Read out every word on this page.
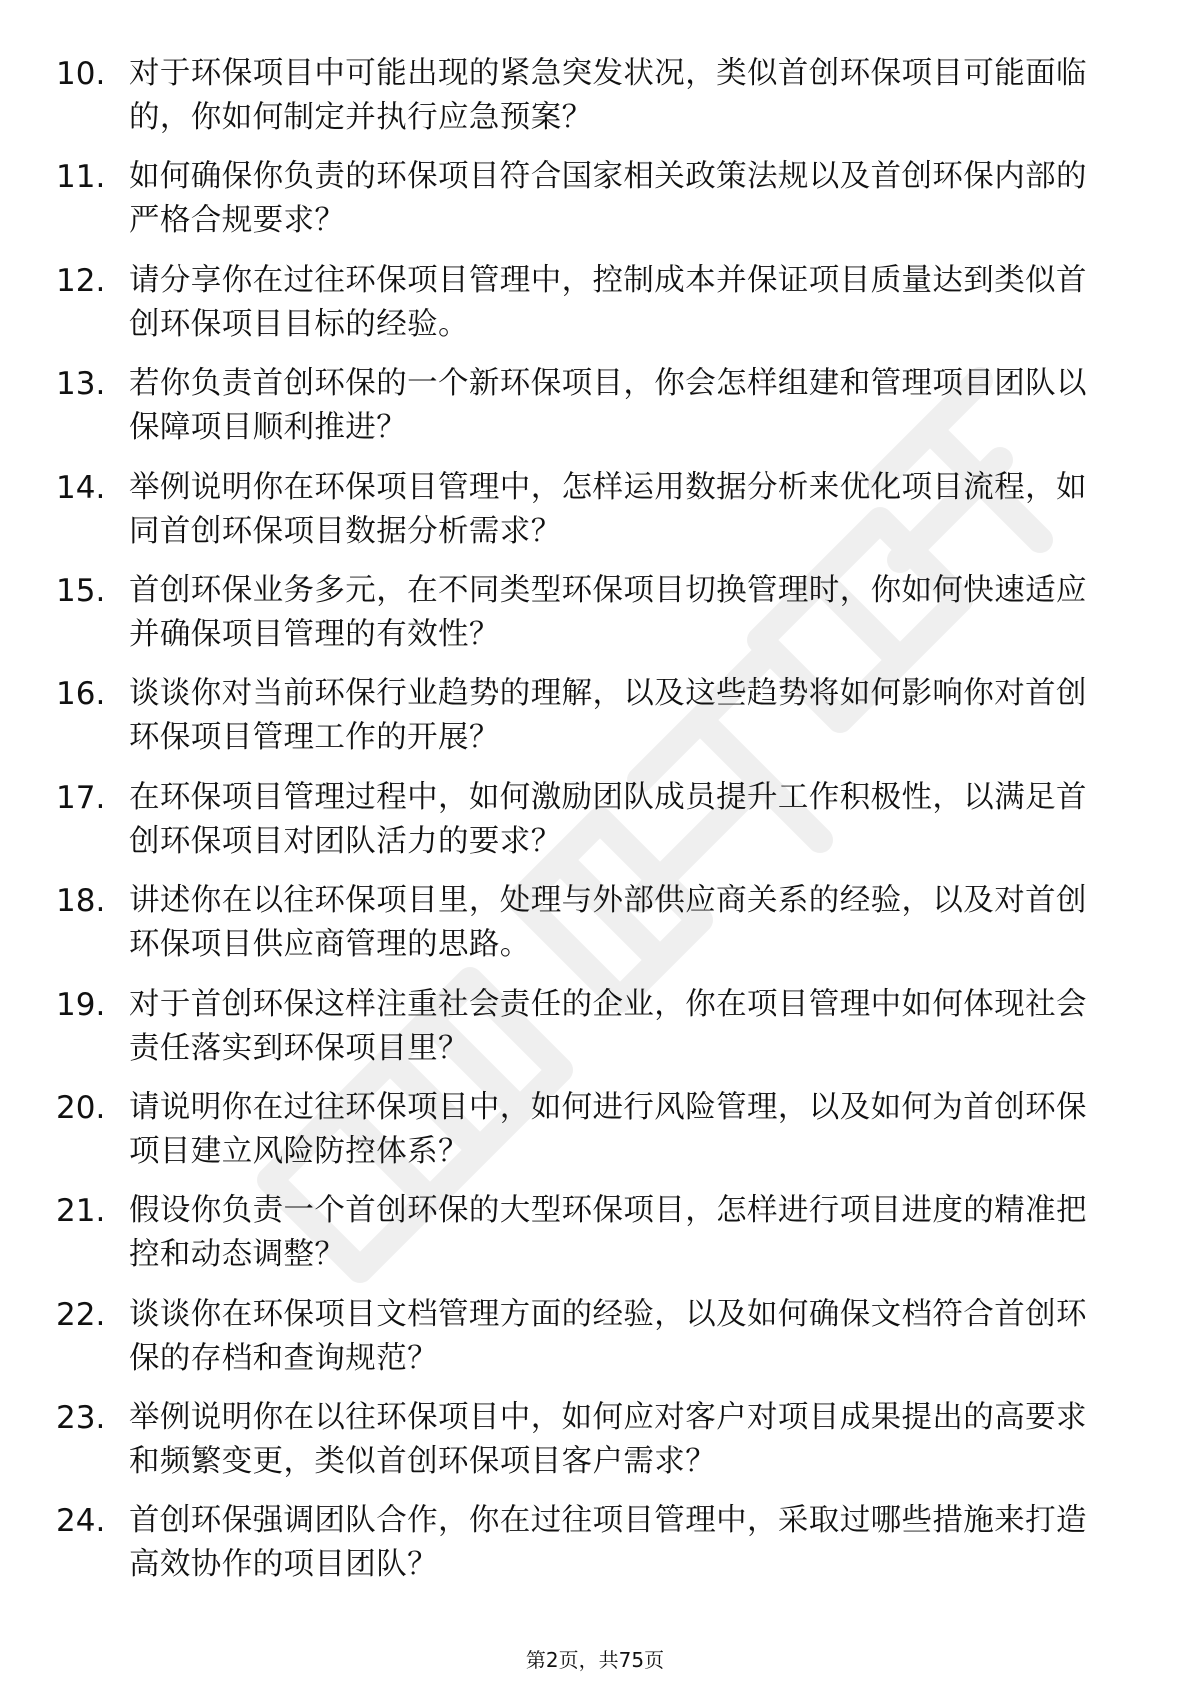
10. 对于环保项目中可能出现的紧急突发状况，类似首创环保项目可能面临的，你如何制定并执行应急预案？
11. 如何确保你负责的环保项目符合国家相关政策法规以及首创环保内部的严格合规要求？
12. 请分享你在过往环保项目管理中，控制成本并保证项目质量达到类似首创环保项目目标的经验。
13. 若你负责首创环保的一个新环保项目，你会怎样组建和管理项目团队以保障项目顺利推进？
14. 举例说明你在环保项目管理中，怎样运用数据分析来优化项目流程，如同首创环保项目数据分析需求？
15. 首创环保业务多元，在不同类型环保项目切换管理时，你如何快速适应并确保项目管理的有效性？
16. 谈谈你对当前环保行业趋势的理解，以及这些趋势将如何影响你对首创环保项目管理工作的开展？
17. 在环保项目管理过程中，如何激励团队成员提升工作积极性，以满足首创环保项目对团队活力的要求？
18. 讲述你在以往环保项目里，处理与外部供应商关系的经验，以及对首创环保项目供应商管理的思路。
19. 对于首创环保这样注重社会责任的企业，你在项目管理中如何体现社会责任落实到环保项目里？
20. 请说明你在过往环保项目中，如何进行风险管理，以及如何为首创环保项目建立风险防控体系？
21. 假设你负责一个首创环保的大型环保项目，怎样进行项目进度的精准把控和动态调整？
22. 谈谈你在环保项目文档管理方面的经验，以及如何确保文档符合首创环保的存档和查询规范？
23. 举例说明你在以往环保项目中，如何应对客户对项目成果提出的高要求和频繁变更，类似首创环保项目客户需求？
24. 首创环保强调团队合作，你在过往项目管理中，采取过哪些措施来打造高效协作的项目团队？
第2页，共75页
